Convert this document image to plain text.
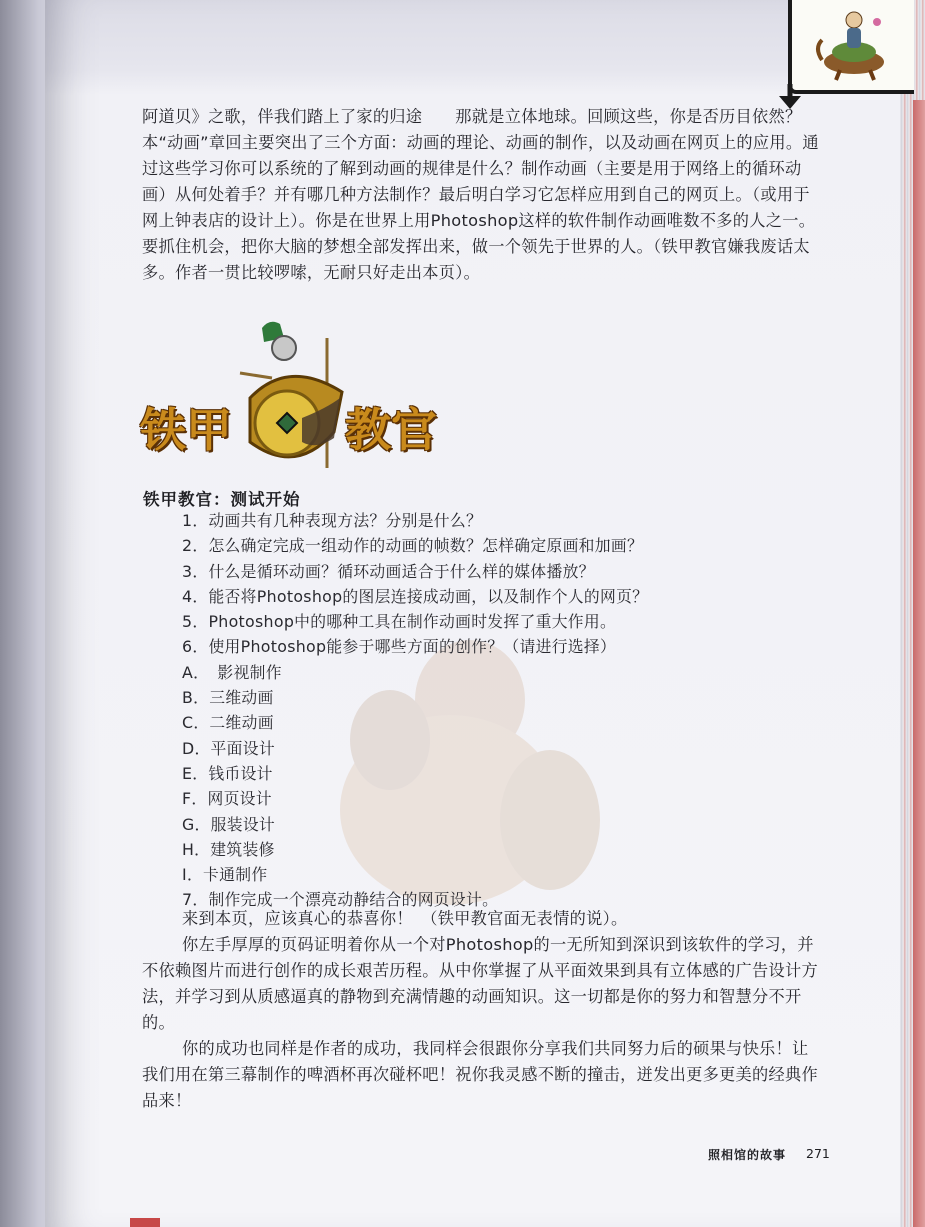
阿道贝》之歌，伴我们踏上了家的归途　　那就是立体地球。回顾这些，你是否历目依然？本“动画”章回主要突出了三个方面：动画的理论、动画的制作，以及动画在网页上的应用。通过这些学习你可以系统的了解到动画的规律是什么？制作动画（主要是用于网络上的循环动画）从何处着手？并有哪几种方法制作？最后明白学习它怎样应用到自己的网页上。（或用于网上钟表店的设计上）。你是在世界上用Photoshop这样的软件制作动画唯数不多的人之一。要抓住机会，把你大脑的梦想全部发挥出来，做一个领先于世界的人。（铁甲教官嫌我废话太多。作者一贯比较啰嗦，无耐只好走出本页）。

铁甲 教官
铁甲教官：测试开始
1．动画共有几种表现方法？分别是什么？
2．怎么确定完成一组动作的动画的帧数？怎样确定原画和加画？
3．什么是循环动画？循环动画适合于什么样的媒体播放？
4．能否将Photoshop的图层连接成动画，以及制作个人的网页？
5．Photoshop中的哪种工具在制作动画时发挥了重大作用。
6．使用Photoshop能参于哪些方面的创作？（请进行选择）
A．　影视制作
B．三维动画
C．二维动画
D．平面设计
E．钱币设计
F．网页设计
G．服装设计
H．建筑装修
I．卡通制作
7．制作完成一个漂亮动静结合的网页设计。

来到本页，应该真心的恭喜你！　（铁甲教官面无表情的说）。

你左手厚厚的页码证明着你从一个对Photoshop的一无所知到深识到该软件的学习，并不依赖图片而进行创作的成长艰苦历程。从中你掌握了从平面效果到具有立体感的广告设计方法，并学习到从质感逼真的静物到充满情趣的动画知识。这一切都是你的努力和智慧分不开的。

你的成功也同样是作者的成功，我同样会很跟你分享我们共同努力后的硕果与快乐！让我们用在第三幕制作的啤酒杯再次碰杯吧！祝你我灵感不断的撞击，迸发出更多更美的经典作品来！

照相馆的故事 271
